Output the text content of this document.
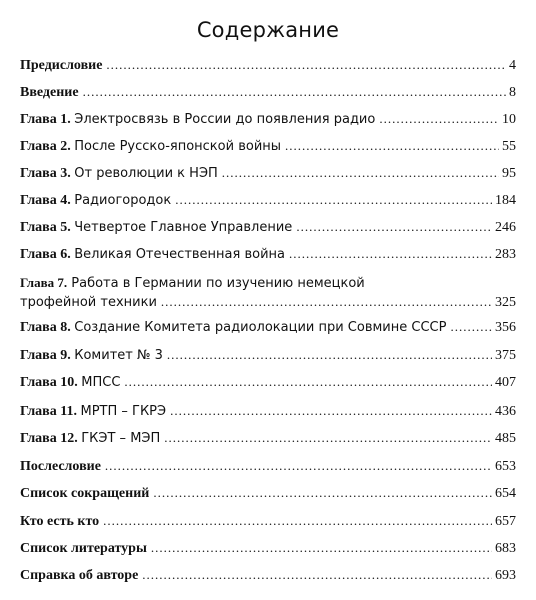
Содержание
Предисловие .....	4
Введение .....	8
Глава 1. Электросвязь в России до появления радио .....	10
Глава 2. После Русско-японской войны .....	55
Глава 3. От революции к НЭП .....	95
Глава 4. Радиогородок .....	184
Глава 5. Четвертое Главное Управление .....	246
Глава 6. Великая Отечественная война .....	283
Глава 7. Работа в Германии по изучению немецкой
трофейной техники .....	325
Глава 8. Создание Комитета радиолокации при Совмине СССР .....	356
Глава 9. Комитет № 3 .....	375
Глава 10. МПСС .....	407
Глава 11. МРТП – ГКРЭ .....	436
Глава 12. ГКЭТ – МЭП .....	485
Послесловие .....	653
Список сокращений .....	654
Кто есть кто .....	657
Список литературы .....	683
Справка об авторе .....	693
